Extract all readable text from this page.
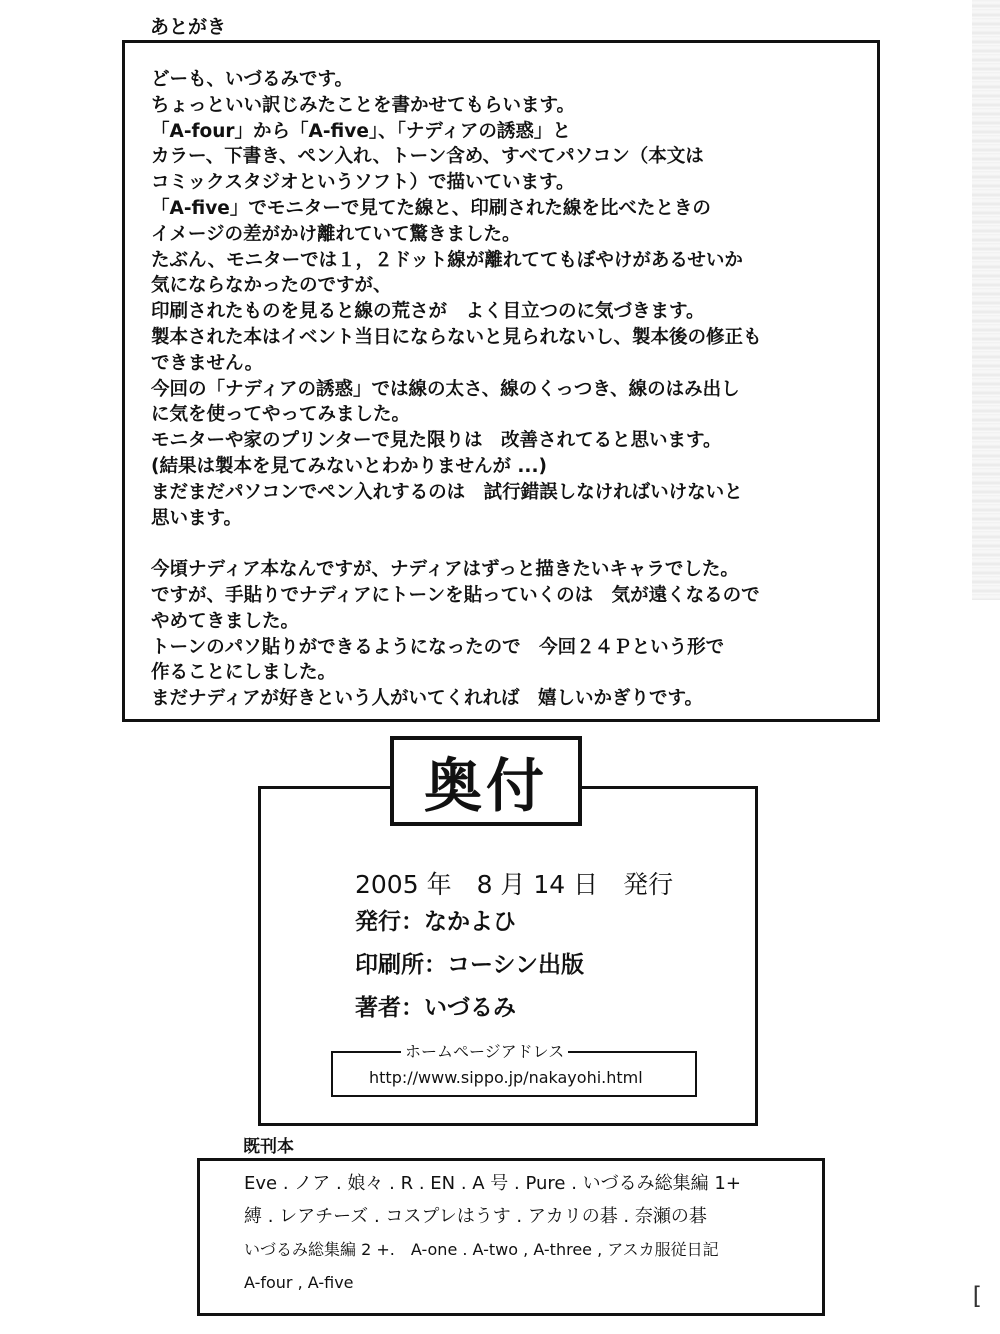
あとがき
どーも、いづるみです。
ちょっといい訳じみたことを書かせてもらいます。
「A-four」から「A-five」、「ナディアの誘惑」と
カラー、下書き、ペン入れ、トーン含め、すべてパソコン（本文は
コミックスタジオというソフト）で描いています。
「A-five」でモニターで見てた線と、印刷された線を比べたときの
イメージの差がかけ離れていて驚きました。
たぶん、モニターでは１，２ドット線が離れててもぼやけがあるせいか
気にならなかったのですが、
印刷されたものを見ると線の荒さが　よく目立つのに気づきます。
製本された本はイベント当日にならないと見られないし、製本後の修正も
できません。
今回の「ナディアの誘惑」では線の太さ、線のくっつき、線のはみ出し
に気を使ってやってみました。
モニターや家のプリンターで見た限りは　改善されてると思います。
(結果は製本を見てみないとわかりませんが ...)
まだまだパソコンでペン入れするのは　試行錯誤しなければいけないと
思います。
今頃ナディア本なんですが、ナディアはずっと描きたいキャラでした。
ですが、手貼りでナディアにトーンを貼っていくのは　気が遠くなるので
やめてきました。
トーンのパソ貼りができるようになったので　今回２４Ｐという形で
作ることにしました。
まだナディアが好きという人がいてくれれば　嬉しいかぎりです。
奥付
2005 年　8 月 14 日　発行
発行：なかよひ
印刷所：コーシン出版
著者：いづるみ
ホームページアドレス
http://www.sippo.jp/nakayohi.html
既刊本
Eve . ノア . 娘々 . R . EN . A 号 . Pure . いづるみ総集編 1+
縛 . レアチーズ . コスプレはうす . アカリの碁 . 奈瀬の碁
いづるみ総集編 2 +.　A-one . A-two , A-three , アスカ服従日記
A-four , A-five	[
